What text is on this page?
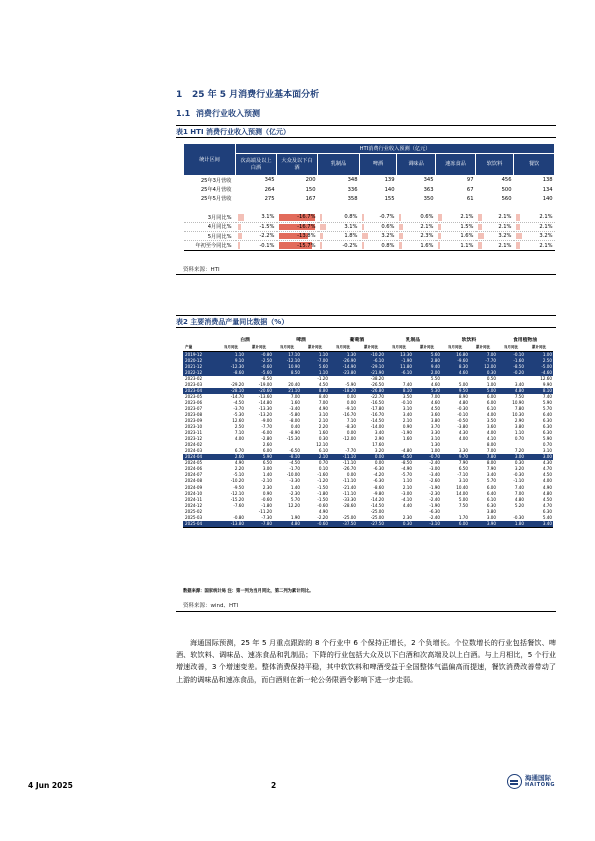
1 25 年 5 月消费行业基本面分析
1.1 消费行业收入预测
表1 HTI 消费行业收入预测（亿元）
统计区间	HTI消费行业收入预测（亿元）							
	次高端及以上白酒	大众及以下白酒	乳制品	啤酒	调味品	速冻食品	软饮料	餐饮
25年3月营收	345	200	348	139	345	97	456	138
25年4月营收	264	150	336	140	363	67	500	134
25年5月营收	275	167	358	155	350	61	560	140

3月同比%	3.1%	-16.7%	0.8%	-0.7%	0.6%	2.1%	2.1%	2.1%
4月同比%	-1.5%	-16.7%	3.1%	0.6%	2.1%	1.5%	2.1%	2.1%
5月同比%	-2.2%	-13.8%	1.8%	3.2%	2.3%	1.6%	3.2%	3.2%
年初至今同比%	-0.1%	-15.7%	-0.2%	0.8%	1.6%	1.1%	2.1%	2.1%
资料来源：HTI
表2 主要消费品产量同比数据（%）
	白酒		啤酒		葡萄酒		乳制品		软饮料		食用植物油	
产量	当月同比	累计同比	当月同比	累计同比	当月同比	累计同比	当月同比	累计同比	当月同比	累计同比	当月同比	累计同比
2019-12	1.10	-0.80	17.10	1.10	1.30	-10.20	13.30	5.60	16.80	7.00	-0.10	1.00
2020-12	9.10	-2.50	-12.10	-7.00	-26.90	-6.10	-1.90	2.80	-9.60	-7.70	-1.60	2.50
2021-12	-12.30	-0.60	10.90	5.60	-14.90	-29.10	11.80	9.40	8.30	12.00	-8.50	-5.00
2022-12	-8.60	-5.60	8.50	1.10	-23.80	-21.90	-6.10	2.00	4.60	0.30	-0.20	-4.60
2023-02		-8.50		-1.20		-38.20		5.50		0.50		12.60
2023-03	-29.20	-19.00	20.40	4.50	-5.90	-26.50	7.40	4.60	5.00	1.00	3.40	9.90
2023-04	-28.10	-20.60	21.10	8.80	-18.20	-26.80	8.10	5.30	9.50	5.00	4.80	8.10
2023-05	-14.70	-13.60	7.00	8.40	0.00	-22.70	3.50	7.00	8.90	6.00	7.50	7.40
2023-06	-4.50	-14.80	1.60	7.00	0.00	-16.50	-0.10	4.60	4.80	6.00	10.90	5.90
2023-07	-3.70	-13.30	-3.40	4.90	-9.10	-17.80	3.10	4.50	-0.30	6.10	7.80	5.70
2023-08	-5.30	-13.20	-5.80	3.10	-16.70	-16.70	3.40	3.60	-0.10	4.00	10.30	6.40
2023-09	12.60	-9.00	-8.00	2.10	7.10	-14.50	2.10	3.80	-0.50	3.50	2.90	6.30
2023-10	2.50	-7.70	0.40	2.20	-8.30	-14.00	0.90	3.70	-3.80	3.60	3.80	6.30
2023-11	7.10	-6.00	-8.90	1.60	0.00	3.40	-1.90	3.30	4.30	4.00	1.10	6.30
2023-12	4.00	-2.80	-15.30	0.30	-12.00	2.90	1.60	3.10	4.00	4.10	0.70	5.90
2024-02		2.60		12.10		17.60		1.30		8.00		0.70
2024-03	6.70	6.00	-6.50	6.10	-7.70	3.20	-4.80	1.00	3.30	7.00	7.20	3.10
2024-04	2.60	5.90	-8.10	2.10	-11.10	0.00	-6.50	-0.70	9.70	7.80	3.00	3.00
2024-05	4.90	6.50	-4.50	0.70	-11.10	0.00	-8.50	-2.40	7.90	8.00	0.30	4.30
2024-06	2.20	3.00	-1.70	0.10	-26.70	-6.30	-4.90	-3.00	6.50	7.90	3.20	4.70
2024-07	-5.10	1.40	-10.00	-1.60	0.00	-4.20	-5.70	-3.40	-7.10	3.40	-0.30	4.50
2024-08	-10.20	-2.10	-3.30	-1.20	-11.10	-6.30	1.10	-2.60	3.10	5.70	-1.10	4.00
2024-09	-9.50	2.30	1.40	-1.50	-21.40	-8.60	2.10	-1.90	10.40	6.00	7.40	4.90
2024-10	-12.10	0.90	-2.30	-1.80	-11.10	-9.80	-3.00	-2.30	14.00	6.40	7.00	4.80
2024-11	-15.20	-0.60	5.70	-1.50	-33.30	-14.20	-4.10	-2.40	5.00	6.10	4.80	4.50
2024-12	-7.60	-1.80	12.20	-0.60	-28.60	-14.50	4.40	-1.90	7.50	6.30	5.20	4.70
2025-02		-11.20		4.90		-25.00		-6.30		3.80		6.30
2025-03	-0.80	-7.30	1.90	-2.20	-25.00	-25.00	2.30	-2.40	1.70	3.00	-0.30	5.40
2025-04	-13.80	-7.80	4.80	-0.60	-37.50	-27.50	0.30	-3.10	6.00	3.90	1.80	3.40
数据来源：国家统计局 注：第一列为当月同比，第二列为累计同比。
资料来源：wind、HTI

海通国际预测，25 年 5 月重点跟踪的 8 个行业中 6 个保持正增长，2 个负增长。个位数增长的行业包括餐饮、啤酒、软饮料、调味品、速冻食品和乳制品；下降的行业包括大众及以下白酒和次高端及以上白酒。与上月相比，5 个行业增速改善，3 个增速变差。整体消费保持平稳，其中软饮料和啤酒受益于全国整体气温偏高而提速，餐饮消费改善带动了上游的调味品和速冻食品，而白酒则在新一轮公务限酒令影响下进一步走弱。

4 Jun 2025	2
海通国际
HAITONG
